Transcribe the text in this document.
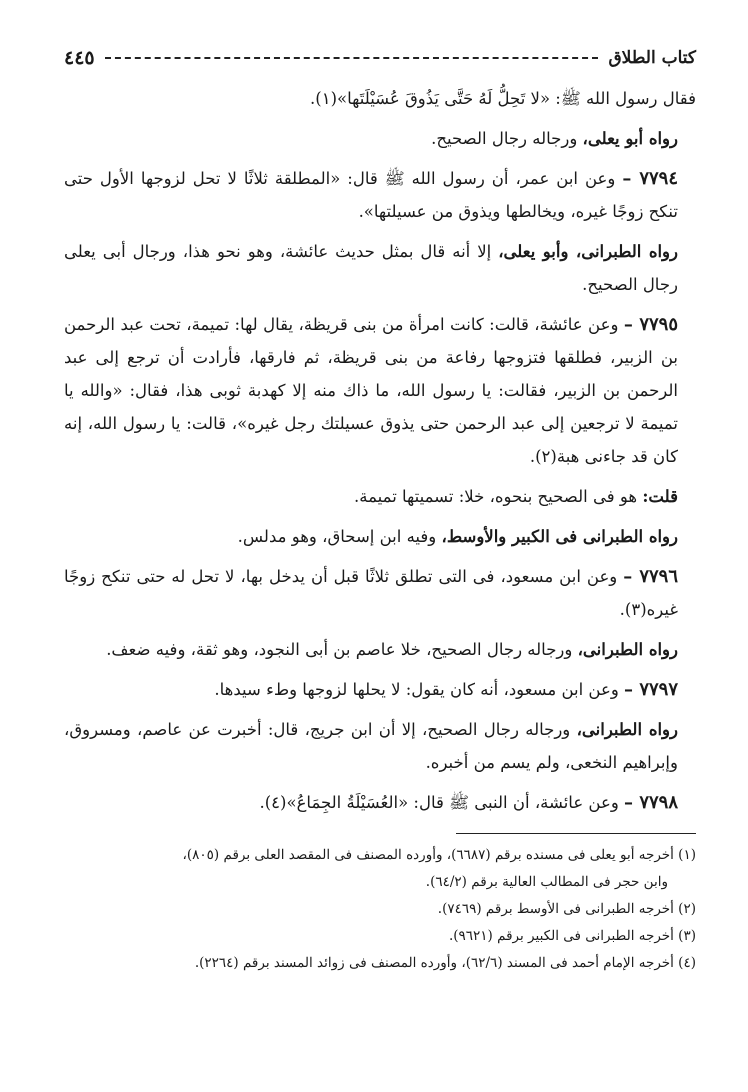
كتاب الطلاق
٤٤٥

فقال رسول الله ﷺ: «لا تَحِلُّ لَهُ حَتَّى يَذُوقَ عُسَيْلَتَها»(١).

رواه أبو يعلى، ورجاله رجال الصحيح.

٧٧٩٤ – وعن ابن عمر، أن رسول الله ﷺ قال: «المطلقة ثلاثًا لا تحل لزوجها الأول حتى تنكح زوجًا غيره، ويخالطها ويذوق من عسيلتها».

رواه الطبرانى، وأبو يعلى، إلا أنه قال بمثل حديث عائشة، وهو نحو هذا، ورجال أبى يعلى رجال الصحيح.

٧٧٩٥ – وعن عائشة، قالت: كانت امرأة من بنى قريظة، يقال لها: تميمة، تحت عبد الرحمن بن الزبير، فطلقها فتزوجها رفاعة من بنى قريظة، ثم فارقها، فأرادت أن ترجع إلى عبد الرحمن بن الزبير، فقالت: يا رسول الله، ما ذاك منه إلا كهدبة ثوبى هذا، فقال: «والله يا تميمة لا ترجعين إلى عبد الرحمن حتى يذوق عسيلتك رجل غيره»، قالت: يا رسول الله، إنه كان قد جاءنى هبة(٢).

قلت: هو فى الصحيح بنحوه، خلا: تسميتها تميمة.

رواه الطبرانى فى الكبير والأوسط، وفيه ابن إسحاق، وهو مدلس.

٧٧٩٦ – وعن ابن مسعود، فى التى تطلق ثلاثًا قبل أن يدخل بها، لا تحل له حتى تنكح زوجًا غيره(٣).

رواه الطبرانى، ورجاله رجال الصحيح، خلا عاصم بن أبى النجود، وهو ثقة، وفيه ضعف.

٧٧٩٧ – وعن ابن مسعود، أنه كان يقول: لا يحلها لزوجها وطء سيدها.

رواه الطبرانى، ورجاله رجال الصحيح، إلا أن ابن جريج، قال: أخبرت عن عاصم، ومسروق، وإبراهيم النخعى، ولم يسم من أخبره.

٧٧٩٨ – وعن عائشة، أن النبى ﷺ قال: «العُسَيْلَةُ الجِمَاعُ»(٤).

(١) أخرجه أبو يعلى فى مسنده برقم (٦٦٨٧)، وأورده المصنف فى المقصد العلى برقم (٨٠٥)،

وابن حجر فى المطالب العالية برقم (٦٤/٢).

(٢) أخرجه الطبرانى فى الأوسط برقم (٧٤٦٩).

(٣) أخرجه الطبرانى فى الكبير برقم (٩٦٢١).

(٤) أخرجه الإمام أحمد فى المسند (٦٢/٦)، وأورده المصنف فى زوائد المسند برقم (٢٢٦٤).
